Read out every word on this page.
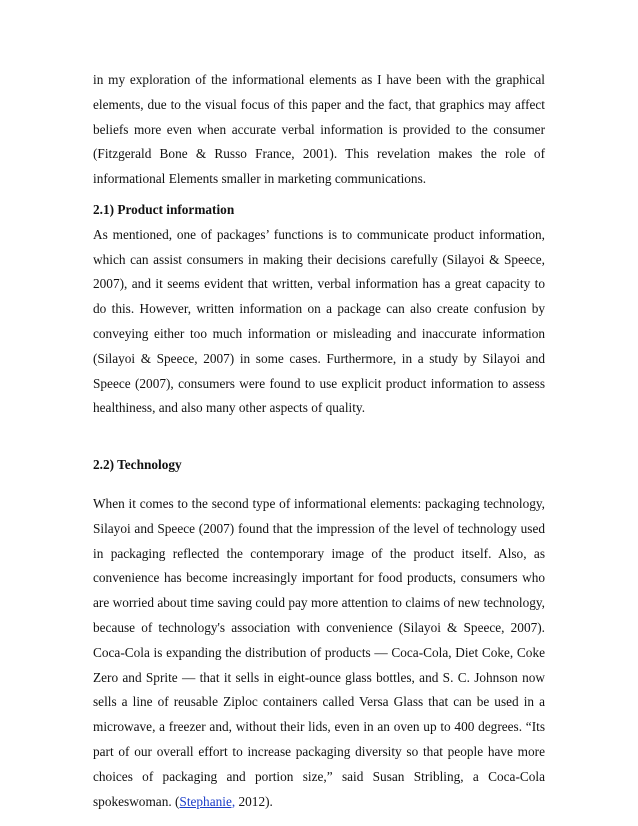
in my exploration of the informational elements as I have been with the graphical elements, due to the visual focus of this paper and the fact, that graphics may affect beliefs more even when accurate verbal information is provided to the consumer (Fitzgerald Bone & Russo France, 2001). This revelation makes the role of informational Elements smaller in marketing communications.

2.1) Product information

As mentioned, one of packages’ functions is to communicate product information, which can assist consumers in making their decisions carefully (Silayoi & Speece, 2007), and it seems evident that written, verbal information has a great capacity to do this. However, written information on a package can also create confusion by conveying either too much information or misleading and inaccurate information (Silayoi & Speece, 2007) in some cases. Furthermore, in a study by Silayoi and Speece (2007), consumers were found to use explicit product information to assess healthiness, and also many other aspects of quality.

2.2) Technology

When it comes to the second type of informational elements: packaging technology, Silayoi and Speece (2007) found that the impression of the level of technology used in packaging reflected the contemporary image of the product itself. Also, as convenience has become increasingly important for food products, consumers who are worried about time saving could pay more attention to claims of new technology, because of technology's association with convenience (Silayoi & Speece, 2007). Coca-Cola is expanding the distribution of products — Coca-Cola, Diet Coke, Coke Zero and Sprite — that it sells in eight-ounce glass bottles, and S. C. Johnson now sells a line of reusable Ziploc containers called Versa Glass that can be used in a microwave, a freezer and, without their lids, even in an oven up to 400 degrees. “Its part of our overall effort to increase packaging diversity so that people have more choices of packaging and portion size,” said Susan Stribling, a Coca-Cola spokeswoman. (Stephanie, 2012).
